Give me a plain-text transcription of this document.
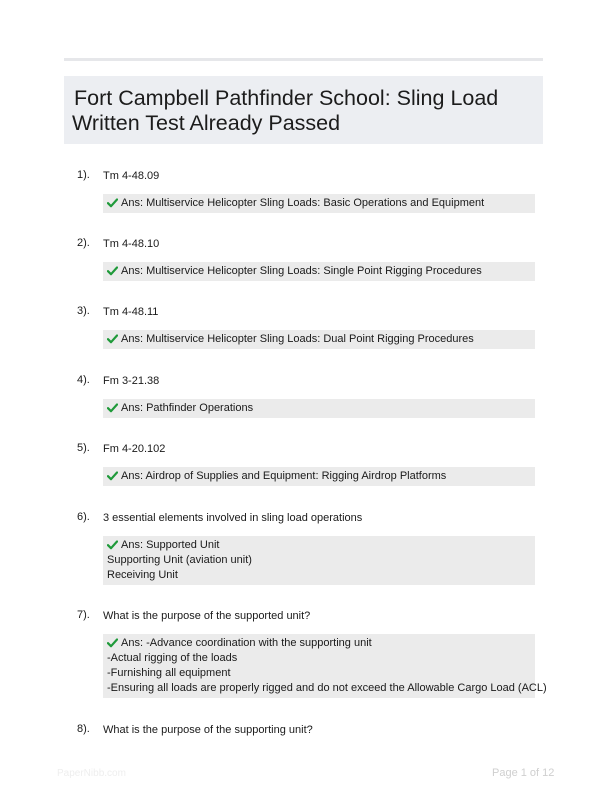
Fort Campbell Pathfinder School: Sling Load
Written Test Already Passed
1). Tm 4-48.09
Ans: Multiservice Helicopter Sling Loads: Basic Operations and Equipment
2). Tm 4-48.10
Ans: Multiservice Helicopter Sling Loads: Single Point Rigging Procedures
3). Tm 4-48.11
Ans: Multiservice Helicopter Sling Loads: Dual Point Rigging Procedures
4). Fm 3-21.38
Ans: Pathfinder Operations
5). Fm 4-20.102
Ans: Airdrop of Supplies and Equipment: Rigging Airdrop Platforms
6). 3 essential elements involved in sling load operations
Ans: Supported Unit
Supporting Unit (aviation unit)
Receiving Unit
7). What is the purpose of the supported unit?
Ans: -Advance coordination with the supporting unit
-Actual rigging of the loads
-Furnishing all equipment
-Ensuring all loads are properly rigged and do not exceed the Allowable Cargo Load (ACL)
8). What is the purpose of the supporting unit?
PaperNibb.com	Page 1 of 12
